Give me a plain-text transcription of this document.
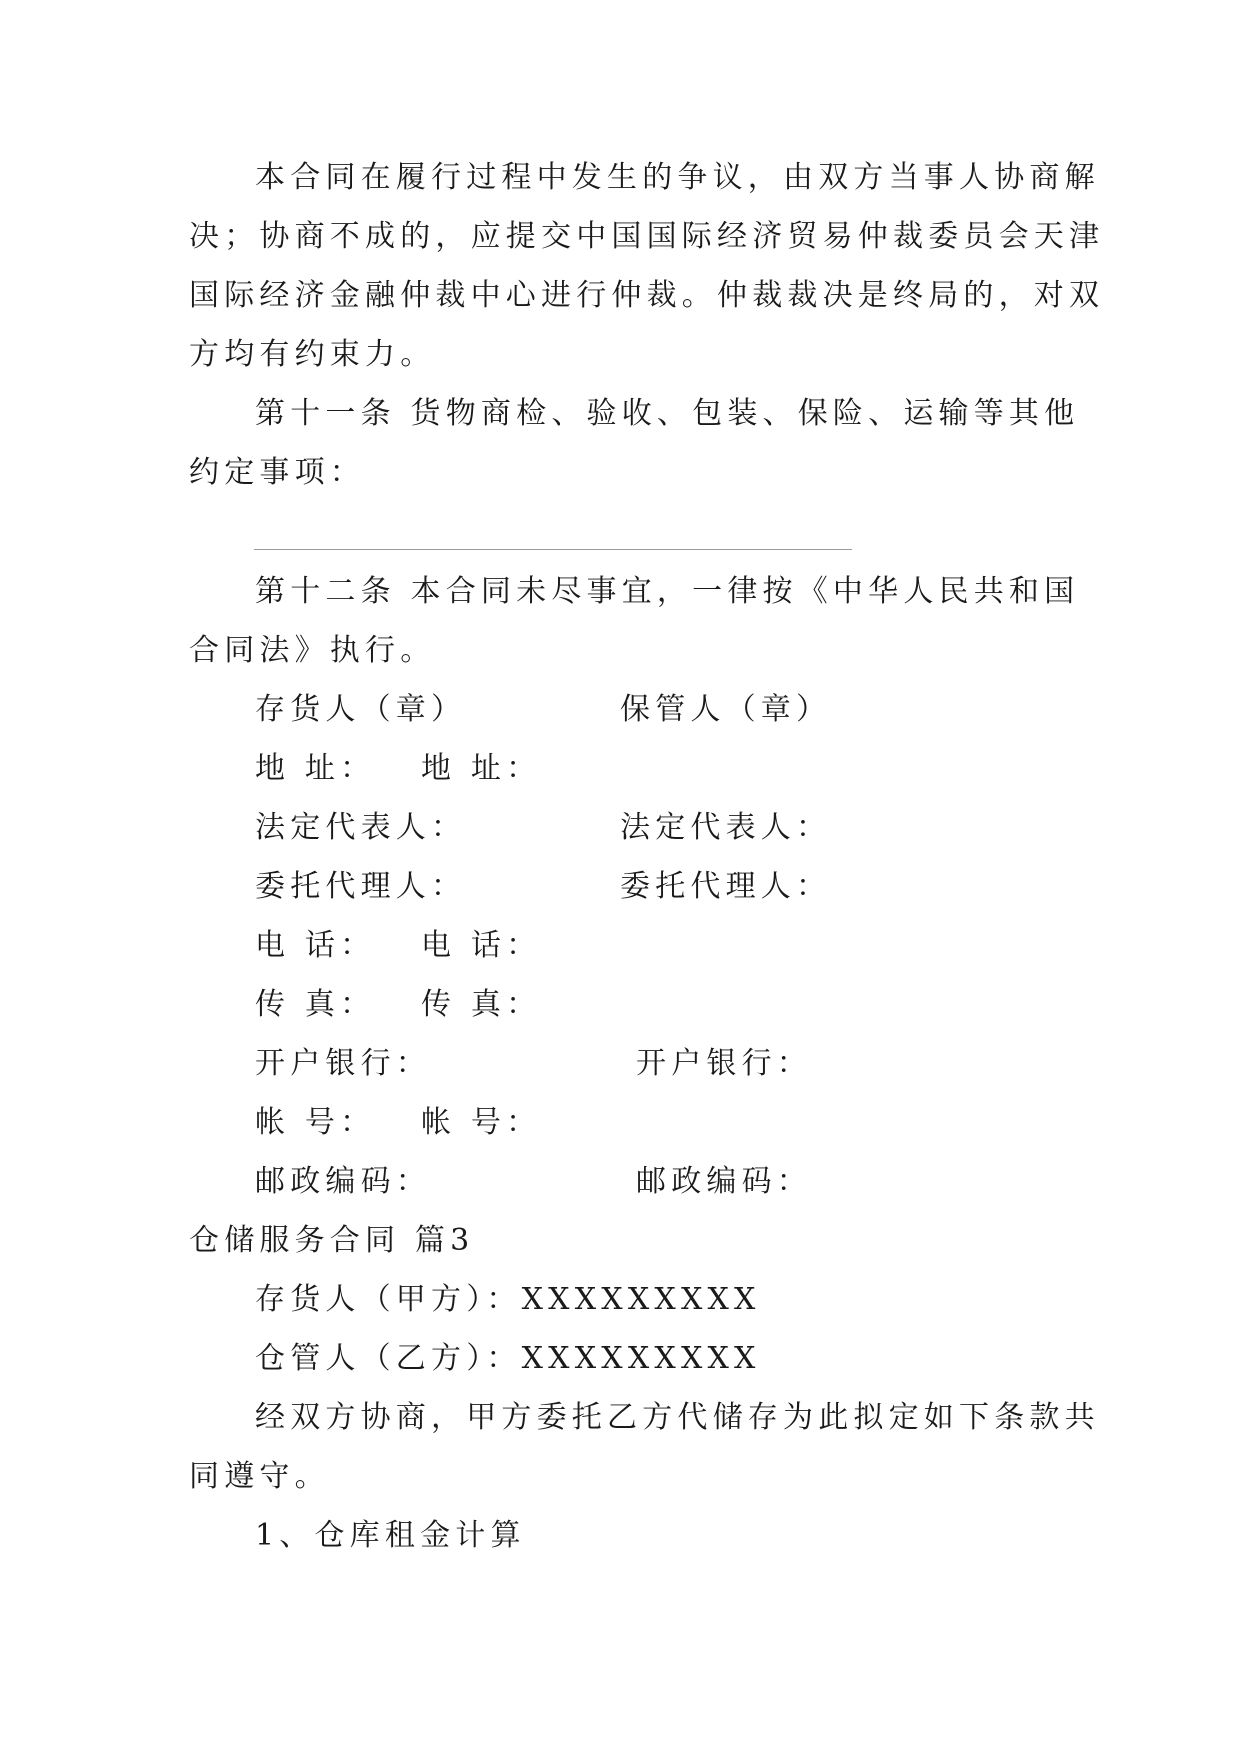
本合同在履行过程中发生的争议，由双方当事人协商解
决；协商不成的，应提交中国国际经济贸易仲裁委员会天津
国际经济金融仲裁中心进行仲裁。仲裁裁决是终局的，对双
方均有约束力。
第十一条 货物商检、验收、包装、保险、运输等其他
约定事项：
第十二条 本合同未尽事宜，一律按《中华人民共和国
合同法》执行。
存货人（章）	保管人（章）
地 址： 地 址：
法定代表人：	法定代表人：
委托代理人：	委托代理人：
电 话： 电 话：
传 真： 传 真：
开户银行：	开户银行：
帐 号： 帐 号：
邮政编码：	邮政编码：
仓储服务合同 篇3
存货人（甲方）：XXXXXXXXX
仓管人（乙方）：XXXXXXXXX
经双方协商，甲方委托乙方代储存为此拟定如下条款共
同遵守。
1、仓库租金计算
